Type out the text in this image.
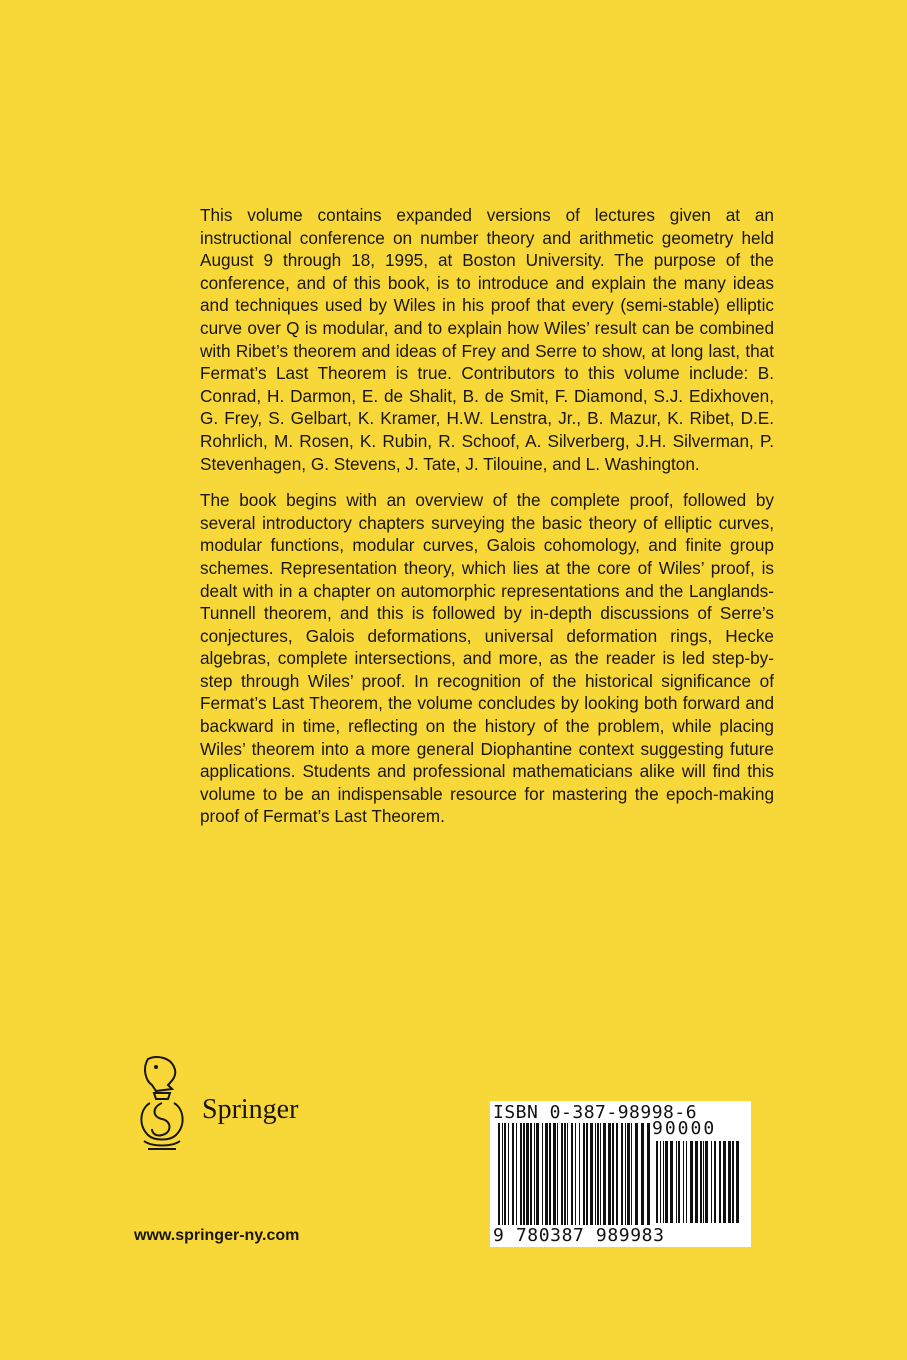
This volume contains expanded versions of lectures given at an instructional conference on number theory and arithmetic geometry held August 9 through 18, 1995, at Boston University. The purpose of the conference, and of this book, is to introduce and explain the many ideas and techniques used by Wiles in his proof that every (semi-stable) elliptic curve over Q is modular, and to explain how Wiles’ result can be combined with Ribet’s theorem and ideas of Frey and Serre to show, at long last, that Fermat’s Last Theorem is true. Contributors to this volume include: B. Conrad, H. Darmon, E. de Shalit, B. de Smit, F. Diamond, S.J. Edixhoven, G. Frey, S. Gelbart, K. Kramer, H.W. Lenstra, Jr., B. Mazur, K. Ribet, D.E. Rohrlich, M. Rosen, K. Rubin, R. Schoof, A. Silverberg, J.H. Silverman, P. Stevenhagen, G. Stevens, J. Tate, J. Tilouine, and L. Washington.

The book begins with an overview of the complete proof, followed by several introductory chapters surveying the basic theory of elliptic curves, modular functions, modular curves, Galois cohomology, and finite group schemes. Representation theory, which lies at the core of Wiles’ proof, is dealt with in a chapter on automorphic representations and the Langlands-Tunnell theorem, and this is followed by in-depth discussions of Serre’s conjectures, Galois deformations, universal deformation rings, Hecke algebras, complete intersections, and more, as the reader is led step-by-step through Wiles’ proof. In recognition of the historical significance of Fermat’s Last Theorem, the volume concludes by looking both forward and backward in time, reflecting on the history of the problem, while placing Wiles’ theorem into a more general Diophantine context suggesting future applications. Students and professional mathematicians alike will find this volume to be an indispensable resource for mastering the epoch-making proof of Fermat’s Last Theorem.

Springer
www.springer-ny.com
ISBN 0-387-98998-6
90000
9 780387 989983
